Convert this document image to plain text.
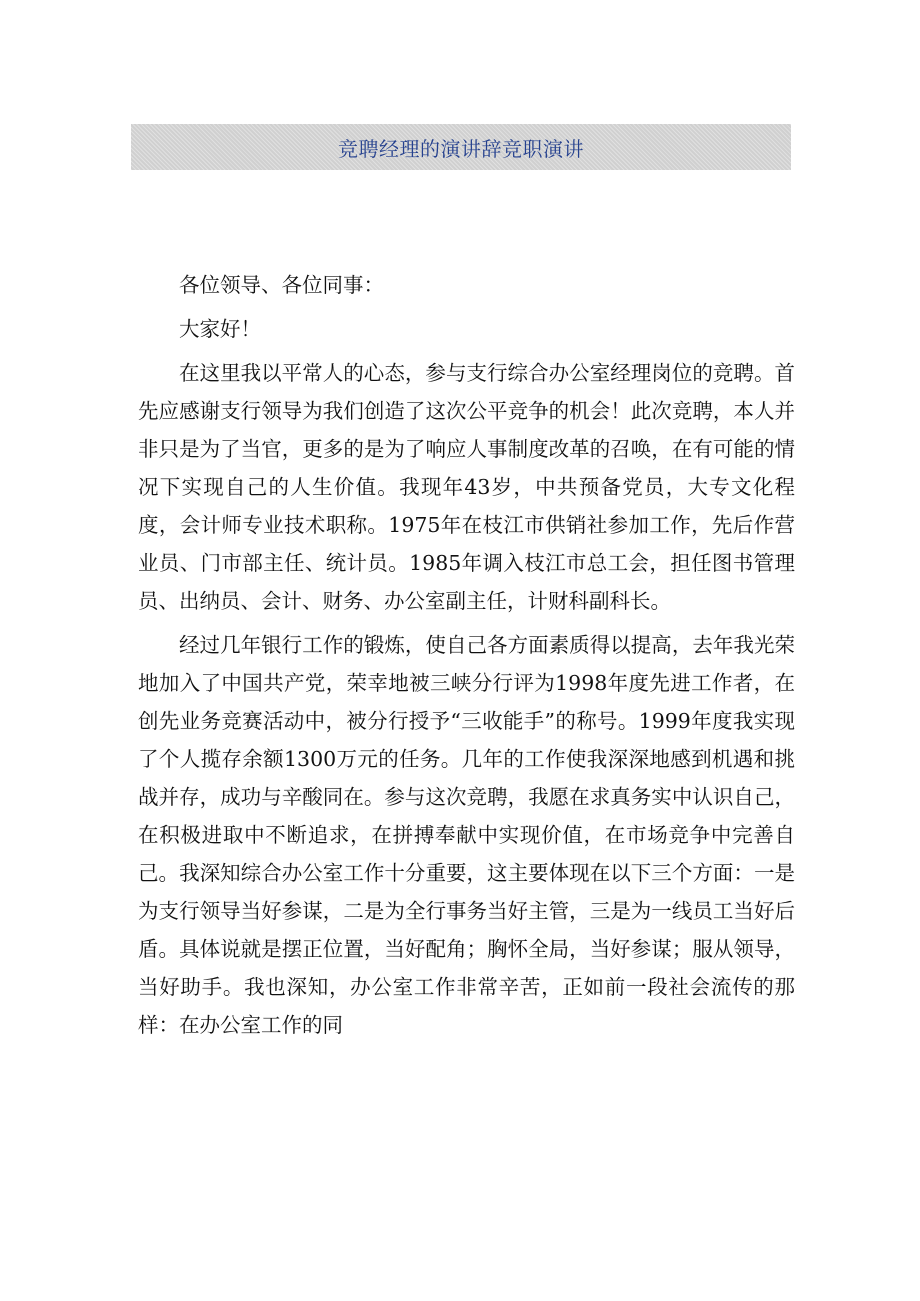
竞聘经理的演讲辞竞职演讲

各位领导、各位同事：

大家好！

在这里我以平常人的心态，参与支行综合办公室经理岗位的竞聘。首先应感谢支行领导为我们创造了这次公平竞争的机会！此次竞聘，本人并非只是为了当官，更多的是为了响应人事制度改革的召唤，在有可能的情况下实现自己的人生价值。我现年43岁，中共预备党员，大专文化程度，会计师专业技术职称。1975年在枝江市供销社参加工作，先后作营业员、门市部主任、统计员。1985年调入枝江市总工会，担任图书管理员、出纳员、会计、财务、办公室副主任，计财科副科长。

经过几年银行工作的锻炼，使自己各方面素质得以提高，去年我光荣地加入了中国共产党，荣幸地被三峡分行评为1998年度先进工作者，在创先业务竞赛活动中，被分行授予“三收能手”的称号。1999年度我实现了个人揽存余额1300万元的任务。几年的工作使我深深地感到机遇和挑战并存，成功与辛酸同在。参与这次竞聘，我愿在求真务实中认识自己，在积极进取中不断追求，在拼搏奉献中实现价值，在市场竞争中完善自己。我深知综合办公室工作十分重要，这主要体现在以下三个方面：一是为支行领导当好参谋，二是为全行事务当好主管，三是为一线员工当好后盾。具体说就是摆正位置，当好配角；胸怀全局，当好参谋；服从领导，当好助手。我也深知，办公室工作非常辛苦，正如前一段社会流传的那样：在办公室工作的同
